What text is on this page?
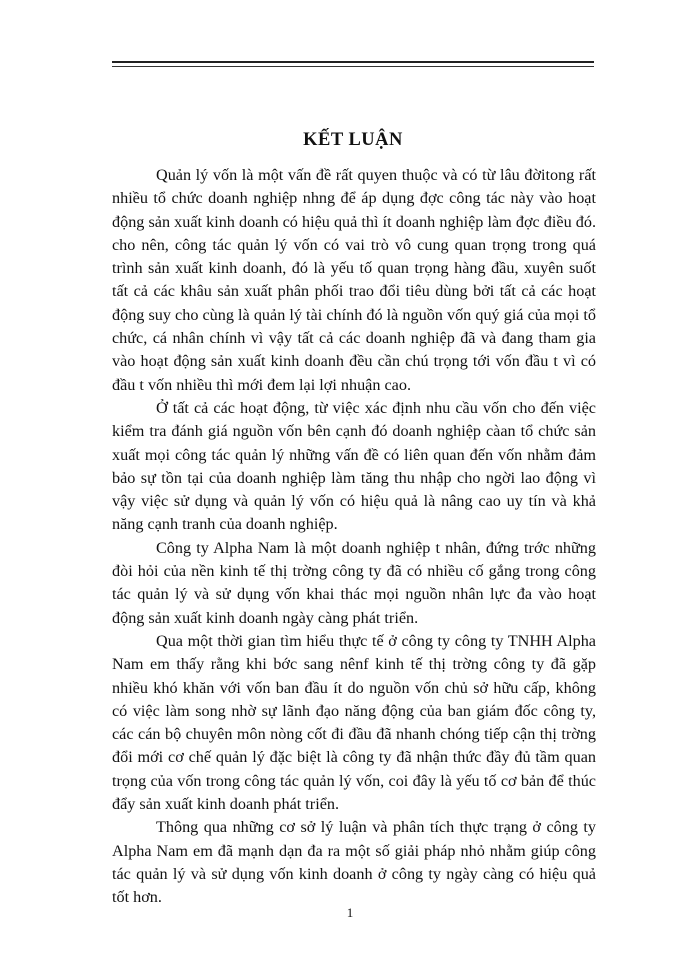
KẾT LUẬN

Quản lý vốn là một vấn đề rất quyen thuộc và có từ lâu đờitong rất nhiều tổ chức doanh nghiệp nhng để áp dụng đợc công tác này vào hoạt động sản xuất kinh doanh có hiệu quả thì ít doanh nghiệp làm đợc điều đó. cho nên, công tác quản lý vốn có vai trò vô cung quan trọng trong quá trình sản xuất kinh doanh, đó là yếu tố quan trọng hàng đầu, xuyên suốt tất cả các khâu sản xuất phân phối trao đổi tiêu dùng bởi tất cả các hoạt động suy cho cùng là quản lý tài chính đó là nguồn vốn quý giá của mọi tổ chức, cá nhân chính vì vậy tất cả các doanh nghiệp đã và đang tham gia vào hoạt động sản xuất kinh doanh đều cần chú trọng tới vốn đầu t vì có đầu t vốn nhiều thì mới đem lại lợi nhuận cao.

Ở tất cả các hoạt động, từ việc xác định nhu cầu vốn cho đến việc kiểm tra đánh giá nguồn vốn bên cạnh đó doanh nghiệp càan tổ chức sản xuất mọi công tác quản lý những vấn đề có liên quan đến vốn nhằm đảm bảo sự tồn tại của doanh nghiệp làm tăng thu nhập cho ngời lao động vì vậy việc sử dụng và quản lý vốn có hiệu quả là nâng cao uy tín và khả năng cạnh tranh của doanh nghiệp.

Công ty Alpha Nam là một doanh nghiệp t nhân, đứng trớc những đòi hỏi của nền kinh tế thị trờng công ty đã có nhiều cố gắng trong công tác quản lý và sử dụng vốn khai thác mọi nguồn nhân lực đa vào hoạt động sản xuất kinh doanh ngày càng phát triển.

Qua một thời gian tìm hiểu thực tế ở công ty công ty TNHH Alpha Nam em thấy rằng khi bớc sang nênf kinh tế thị trờng công ty đã gặp nhiều khó khăn với vốn ban đầu ít do nguồn vốn chủ sở hữu cấp, không có việc làm song nhờ sự lãnh đạo năng động của ban giám đốc công ty, các cán bộ chuyên môn nòng cốt đi đầu đã nhanh chóng tiếp cận thị trờng đổi mới cơ chế quản lý đặc biệt là công ty đã nhận thức đầy đủ tầm quan trọng của vốn trong công tác quản lý vốn, coi đây là yếu tố cơ bản để thúc đẩy sản xuất kinh doanh phát triển.

Thông qua những cơ sở lý luận và phân tích thực trạng ở công ty Alpha Nam em đã mạnh dạn đa ra một số giải pháp nhỏ nhằm giúp công tác quản lý và sử dụng vốn kinh doanh ở công ty ngày càng có hiệu quả tốt hơn.

1
